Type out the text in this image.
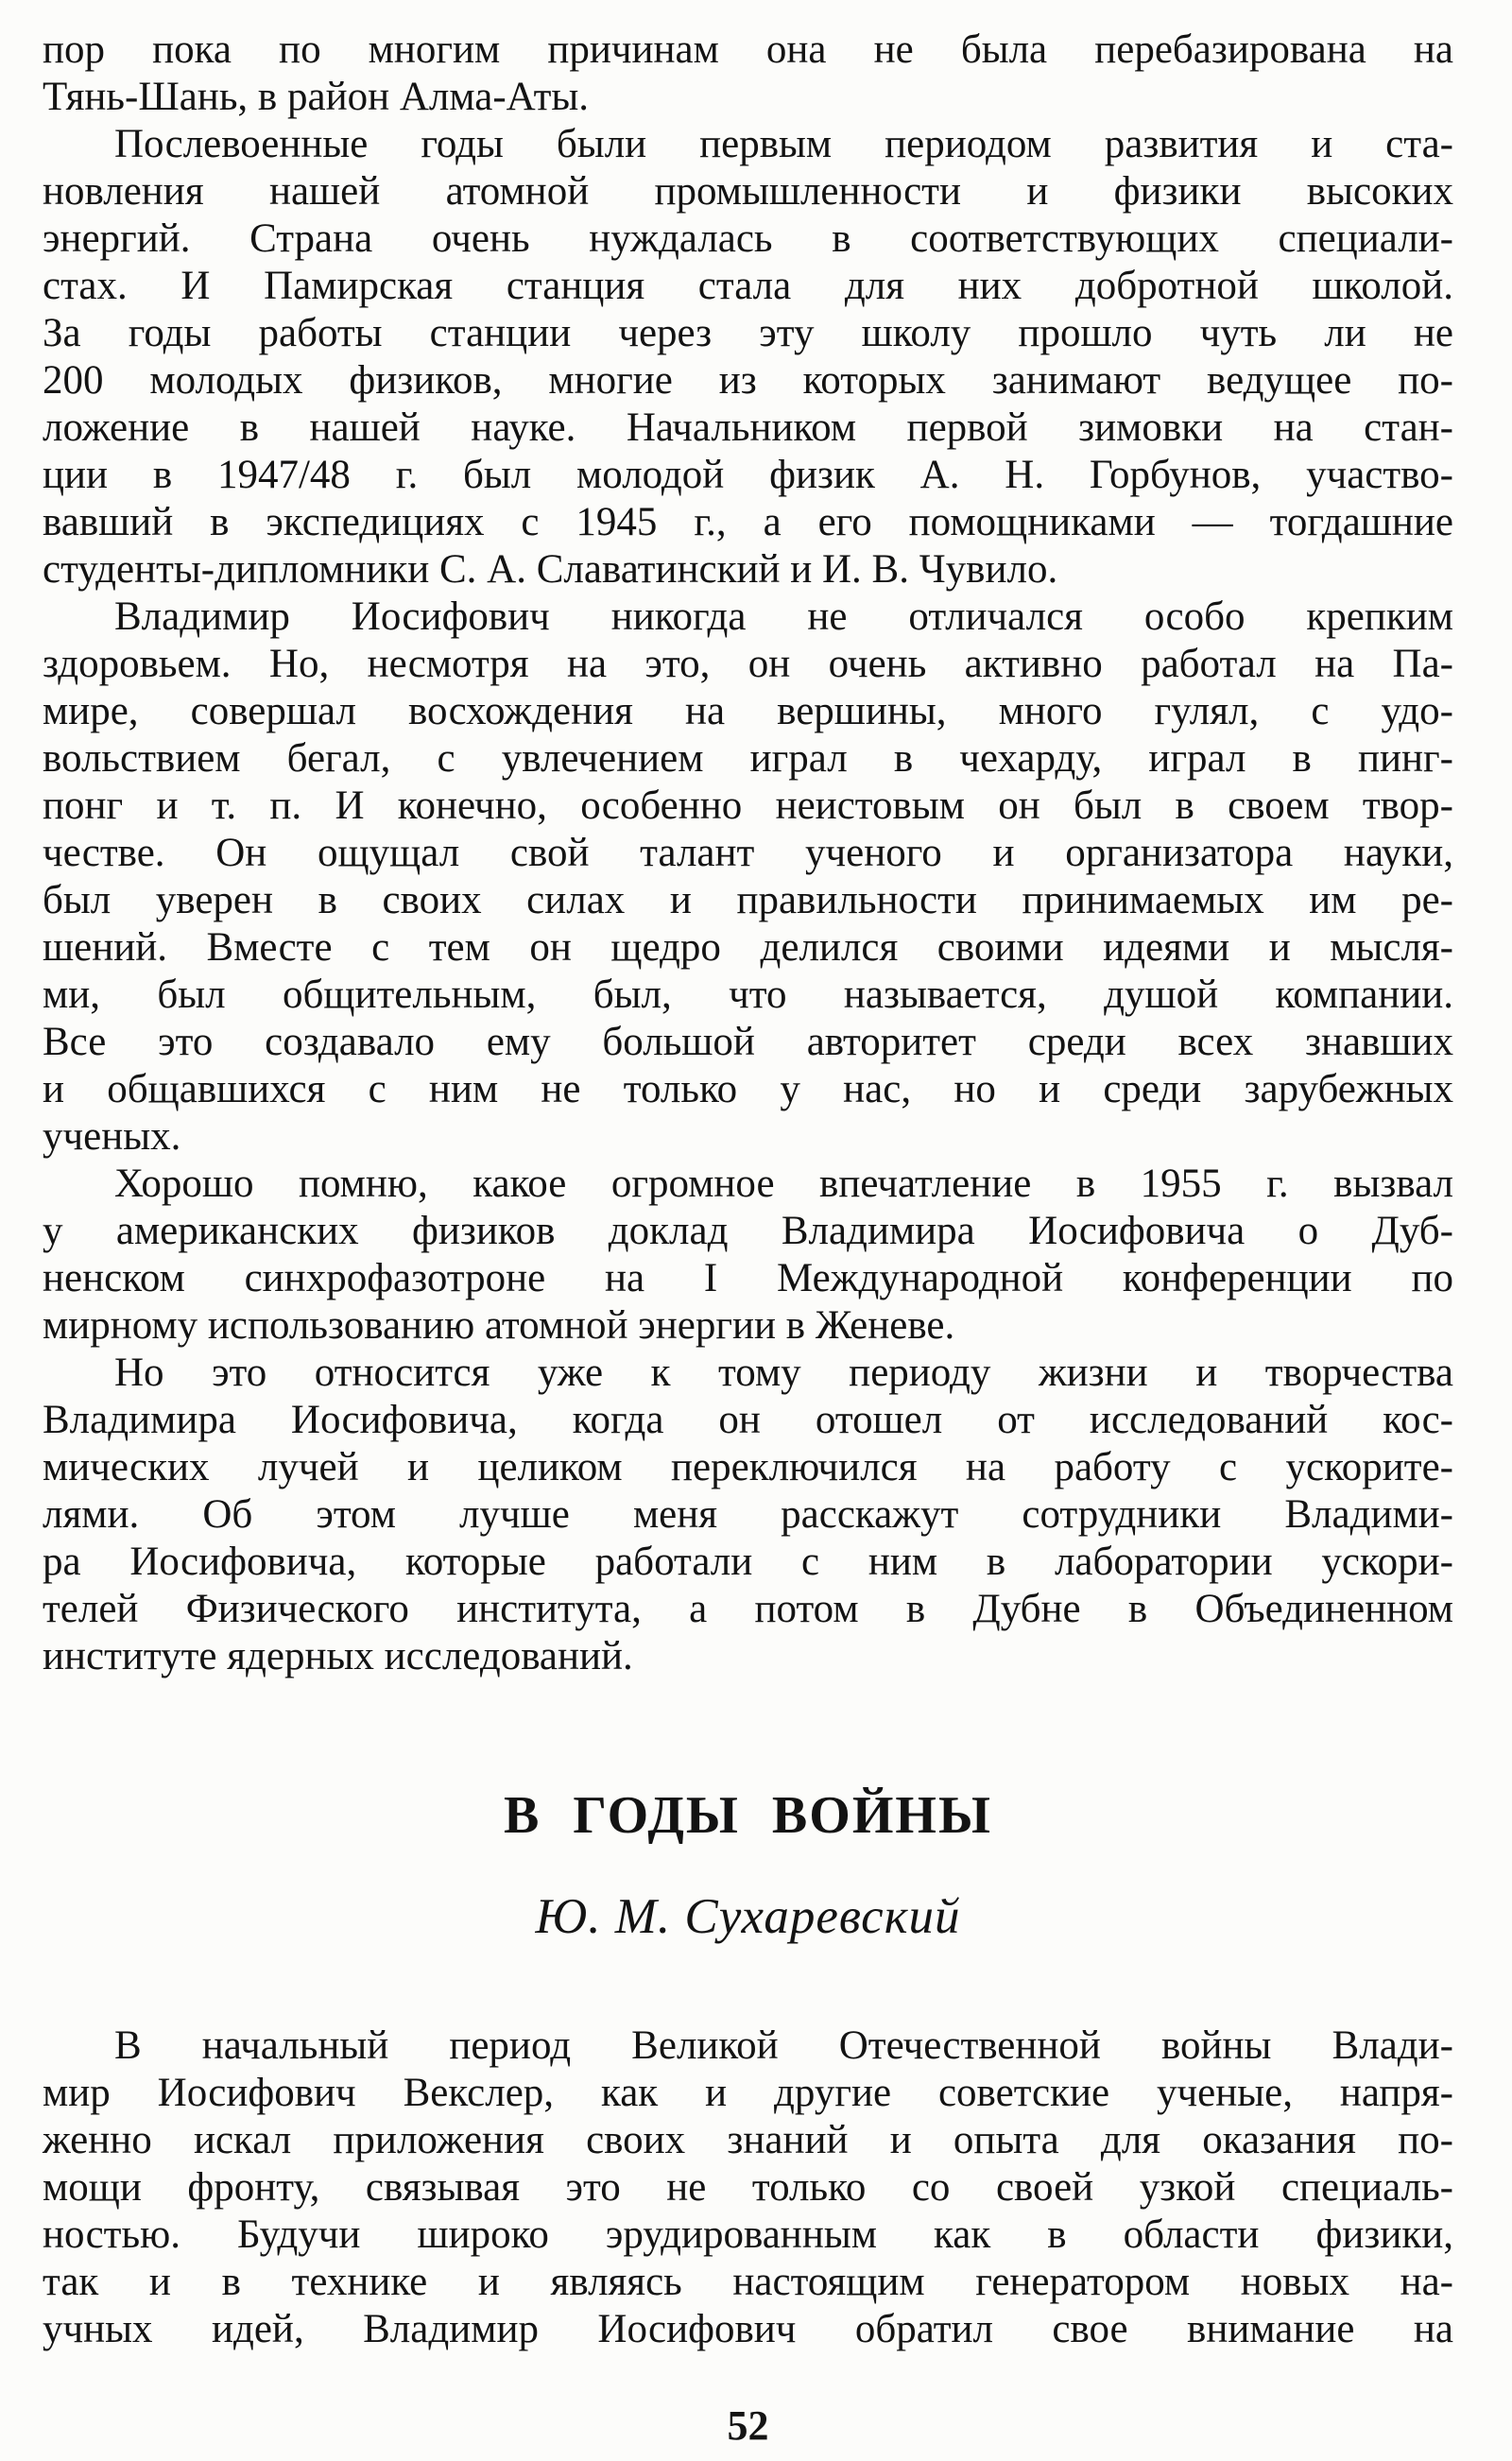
пор пока по многим причинам она не была перебазирована на
Тянь-Шань, в район Алма-Аты.
Послевоенные годы были первым периодом развития и ста-
новления нашей атомной промышленности и физики высоких
энергий. Страна очень нуждалась в соответствующих специали-
стах. И Памирская станция стала для них добротной школой.
За годы работы станции через эту школу прошло чуть ли не
200 молодых физиков, многие из которых занимают ведущее по-
ложение в нашей науке. Начальником первой зимовки на стан-
ции в 1947/48 г. был молодой физик А. Н. Горбунов, участво-
вавший в экспедициях с 1945 г., а его помощниками — тогдашние
студенты-дипломники С. А. Славатинский и И. В. Чувило.
Владимир Иосифович никогда не отличался особо крепким
здоровьем. Но, несмотря на это, он очень активно работал на Па-
мире, совершал восхождения на вершины, много гулял, с удо-
вольствием бегал, с увлечением играл в чехарду, играл в пинг-
понг и т. п. И конечно, особенно неистовым он был в своем твор-
честве. Он ощущал свой талант ученого и организатора науки,
был уверен в своих силах и правильности принимаемых им ре-
шений. Вместе с тем он щедро делился своими идеями и мысля-
ми, был общительным, был, что называется, душой компании.
Все это создавало ему большой авторитет среди всех знавших
и общавшихся с ним не только у нас, но и среди зарубежных
ученых.
Хорошо помню, какое огромное впечатление в 1955 г. вызвал
у американских физиков доклад Владимира Иосифовича о Дуб-
ненском синхрофазотроне на I Международной конференции по
мирному использованию атомной энергии в Женеве.
Но это относится уже к тому периоду жизни и творчества
Владимира Иосифовича, когда он отошел от исследований кос-
мических лучей и целиком переключился на работу с ускорите-
лями. Об этом лучше меня расскажут сотрудники Владими-
ра Иосифовича, которые работали с ним в лаборатории ускори-
телей Физического института, а потом в Дубне в Объединенном
институте ядерных исследований.
В ГОДЫ ВОЙНЫ
Ю. М. Сухаревский
В начальный период Великой Отечественной войны Влади-
мир Иосифович Векслер, как и другие советские ученые, напря-
женно искал приложения своих знаний и опыта для оказания по-
мощи фронту, связывая это не только со своей узкой специаль-
ностью. Будучи широко эрудированным как в области физики,
так и в технике и являясь настоящим генератором новых на-
учных идей, Владимир Иосифович обратил свое внимание на
52
